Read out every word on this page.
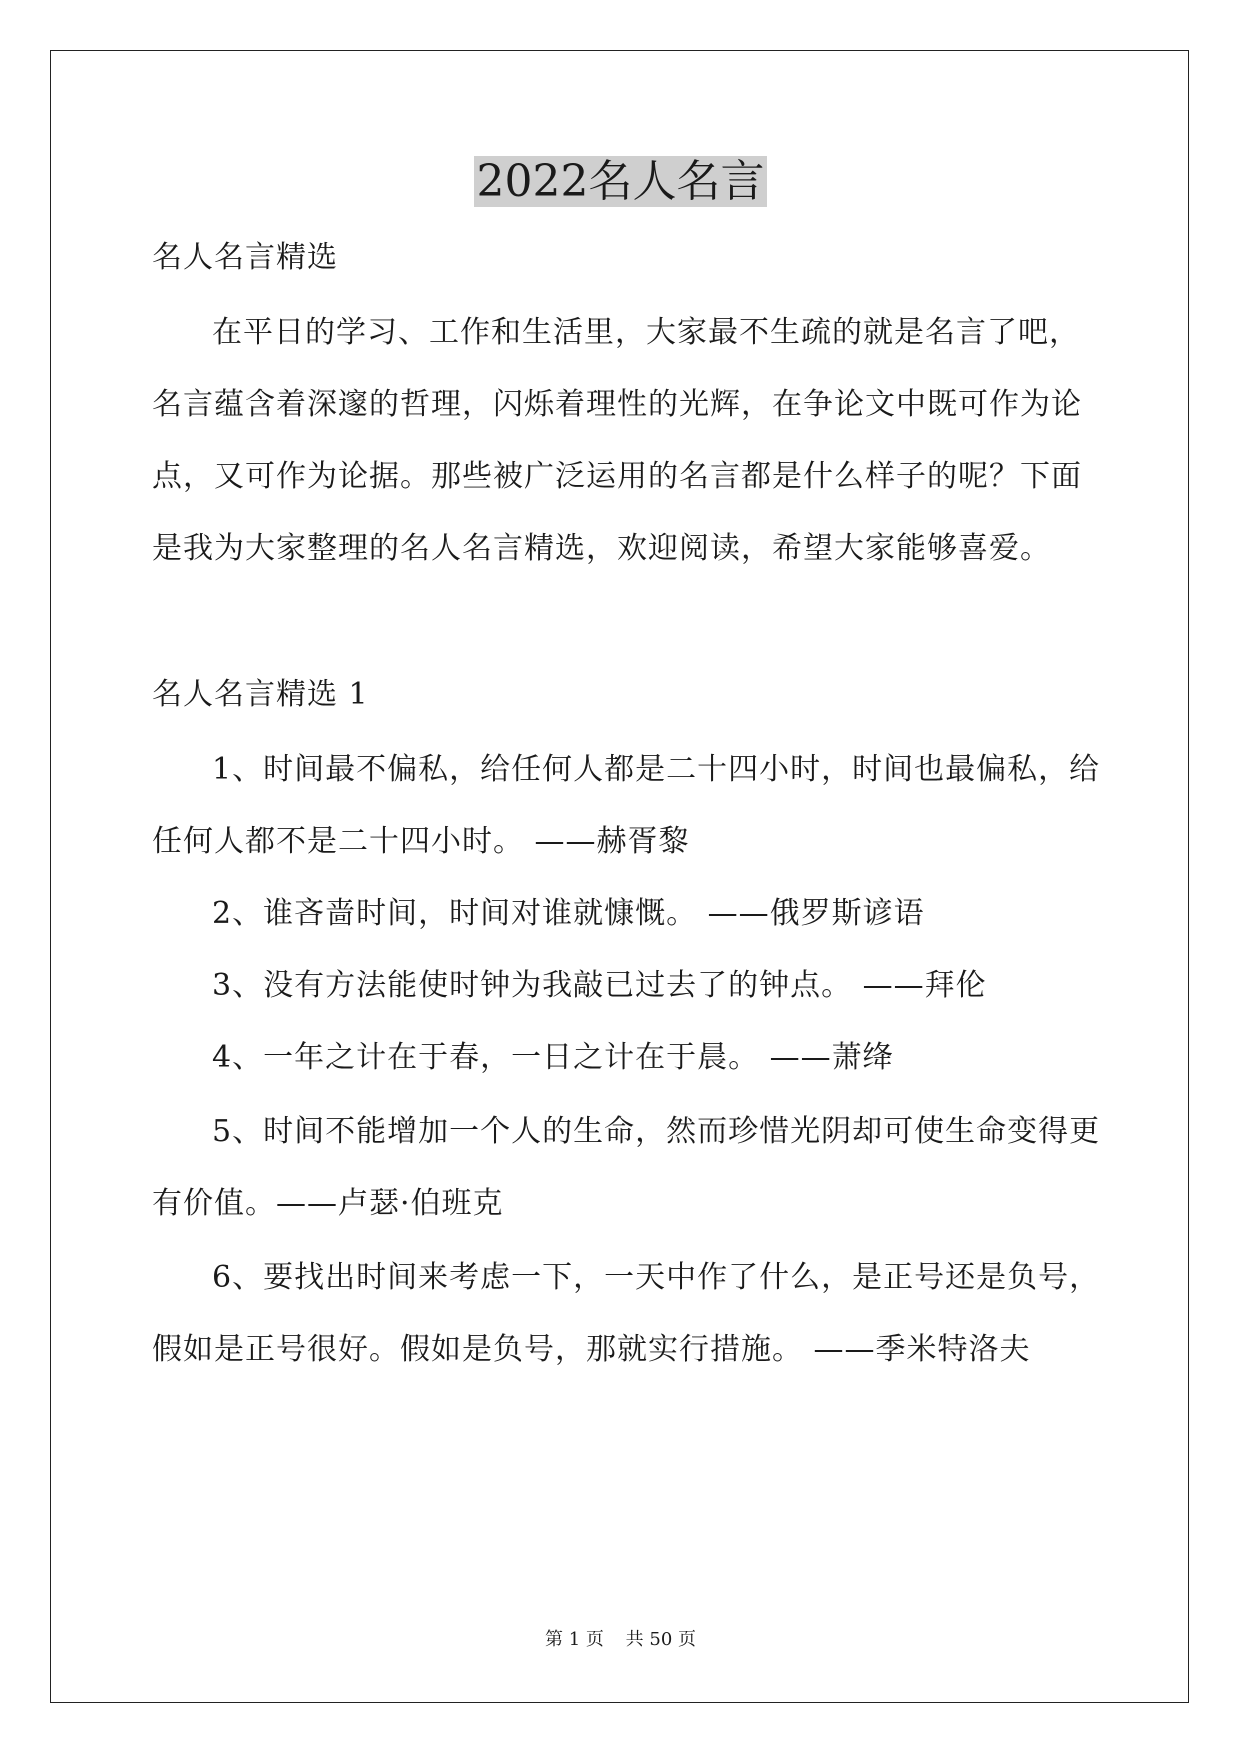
2022名人名言
名人名言精选
在平日的学习、工作和生活里，大家最不生疏的就是名言了吧，
名言蕴含着深邃的哲理，闪烁着理性的光辉，在争论文中既可作为论
点，又可作为论据。那些被广泛运用的名言都是什么样子的呢？下面
是我为大家整理的名人名言精选，欢迎阅读，希望大家能够喜爱。
名人名言精选 1
1、时间最不偏私，给任何人都是二十四小时，时间也最偏私，给
任何人都不是二十四小时。 ——赫胥黎
2、谁吝啬时间，时间对谁就慷慨。 ——俄罗斯谚语
3、没有方法能使时钟为我敲已过去了的钟点。 ——拜伦
4、一年之计在于春，一日之计在于晨。 ——萧绛
5、时间不能增加一个人的生命，然而珍惜光阴却可使生命变得更
有价值。——卢瑟·伯班克
6、要找出时间来考虑一下，一天中作了什么，是正号还是负号，
假如是正号很好。假如是负号，那就实行措施。 ——季米特洛夫
第 1 页 共 50 页
